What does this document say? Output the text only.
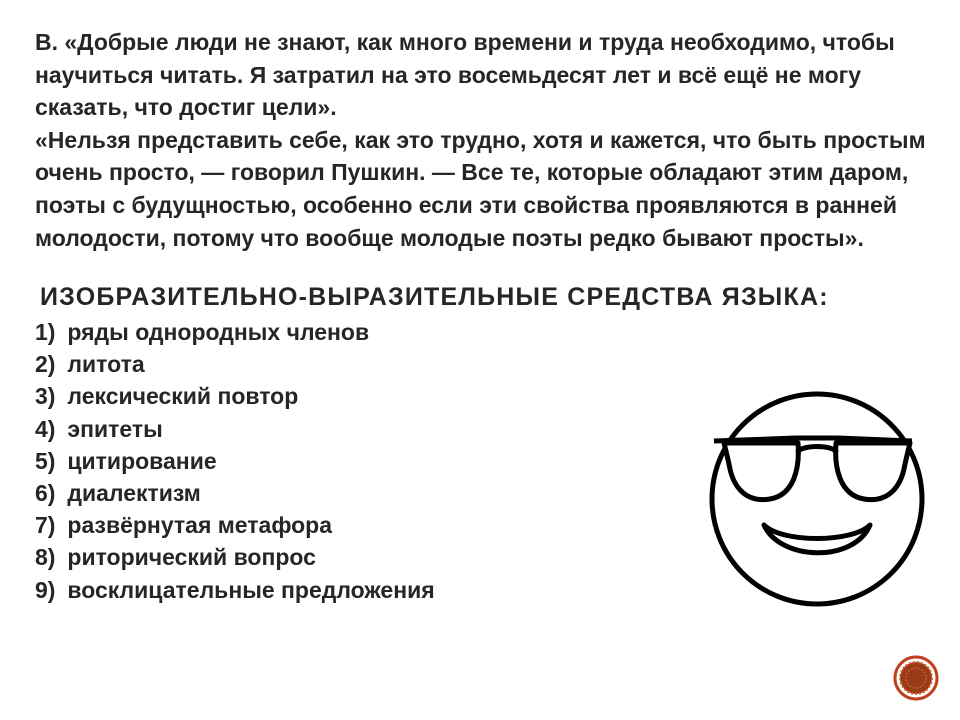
В. «Добрые люди не знают, как много времени и труда необходимо, чтобы научиться читать. Я затратил на это восемьдесят лет и всё ещё не могу сказать, что достиг цели».
«Нельзя представить себе, как это трудно, хотя и кажется, что быть простым очень просто, — говорил Пушкин. — Все те, которые обладают этим даром, поэты с будущностью, особенно если эти свойства проявляются в ранней молодости, потому что вообще молодые поэты редко бывают просты».

ИЗОБРАЗИТЕЛЬНО-ВЫРАЗИТЕЛЬНЫЕ СРЕДСТВА ЯЗЫКА:
1) ряды однородных членов
2) литота
3) лексический повтор
4) эпитеты
5) цитирование
6) диалектизм
7) развёрнутая метафора
8) риторический вопрос
9) восклицательные предложения
